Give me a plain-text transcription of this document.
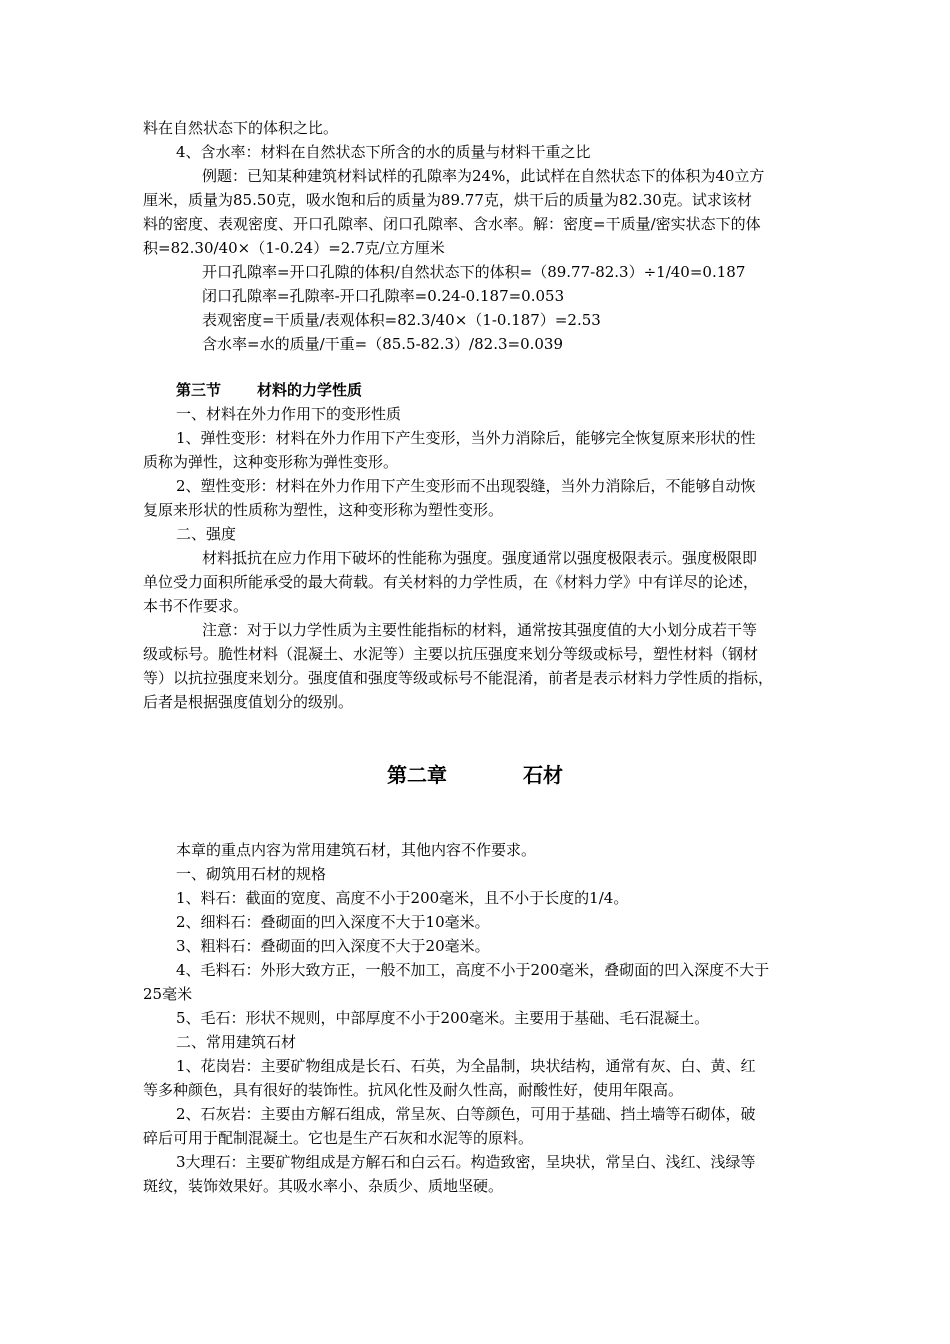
料在自然状态下的体积之比。
4、含水率：材料在自然状态下所含的水的质量与材料干重之比
例题：已知某种建筑材料试样的孔隙率为24%，此试样在自然状态下的体积为40立方
厘米，质量为85.50克，吸水饱和后的质量为89.77克，烘干后的质量为82.30克。试求该材
料的密度、表观密度、开口孔隙率、闭口孔隙率、含水率。解：密度=干质量/密实状态下的体
积=82.30/40×（1-0.24）=2.7克/立方厘米
开口孔隙率=开口孔隙的体积/自然状态下的体积=（89.77-82.3）÷1/40=0.187
闭口孔隙率=孔隙率-开口孔隙率=0.24-0.187=0.053
表观密度=干质量/表观体积=82.3/40×（1-0.187）=2.53
含水率=水的质量/干重=（85.5-82.3）/82.3=0.039
第三节 材料的力学性质
一、材料在外力作用下的变形性质
1、弹性变形：材料在外力作用下产生变形，当外力消除后，能够完全恢复原来形状的性
质称为弹性，这种变形称为弹性变形。
2、塑性变形：材料在外力作用下产生变形而不出现裂缝，当外力消除后，不能够自动恢
复原来形状的性质称为塑性，这种变形称为塑性变形。
二、强度
材料抵抗在应力作用下破坏的性能称为强度。强度通常以强度极限表示。强度极限即
单位受力面积所能承受的最大荷载。有关材料的力学性质，在《材料力学》中有详尽的论述，
本书不作要求。
注意：对于以力学性质为主要性能指标的材料，通常按其强度值的大小划分成若干等
级或标号。脆性材料（混凝土、水泥等）主要以抗压强度来划分等级或标号，塑性材料（钢材
等）以抗拉强度来划分。强度值和强度等级或标号不能混淆，前者是表示材料力学性质的指标，
后者是根据强度值划分的级别。
第二章	石材
本章的重点内容为常用建筑石材，其他内容不作要求。
一、砌筑用石材的规格
1、料石：截面的宽度、高度不小于200毫米，且不小于长度的1/4。
2、细料石：叠砌面的凹入深度不大于10毫米。
3、粗料石：叠砌面的凹入深度不大于20毫米。
4、毛料石：外形大致方正，一般不加工，高度不小于200毫米，叠砌面的凹入深度不大于
25毫米
5、毛石：形状不规则，中部厚度不小于200毫米。主要用于基础、毛石混凝土。
二、常用建筑石材
1、花岗岩：主要矿物组成是长石、石英，为全晶制，块状结构，通常有灰、白、黄、红
等多种颜色，具有很好的装饰性。抗风化性及耐久性高，耐酸性好，使用年限高。
2、石灰岩：主要由方解石组成，常呈灰、白等颜色，可用于基础、挡土墙等石砌体，破
碎后可用于配制混凝土。它也是生产石灰和水泥等的原料。
3大理石：主要矿物组成是方解石和白云石。构造致密，呈块状，常呈白、浅红、浅绿等
斑纹，装饰效果好。其吸水率小、杂质少、质地坚硬。
